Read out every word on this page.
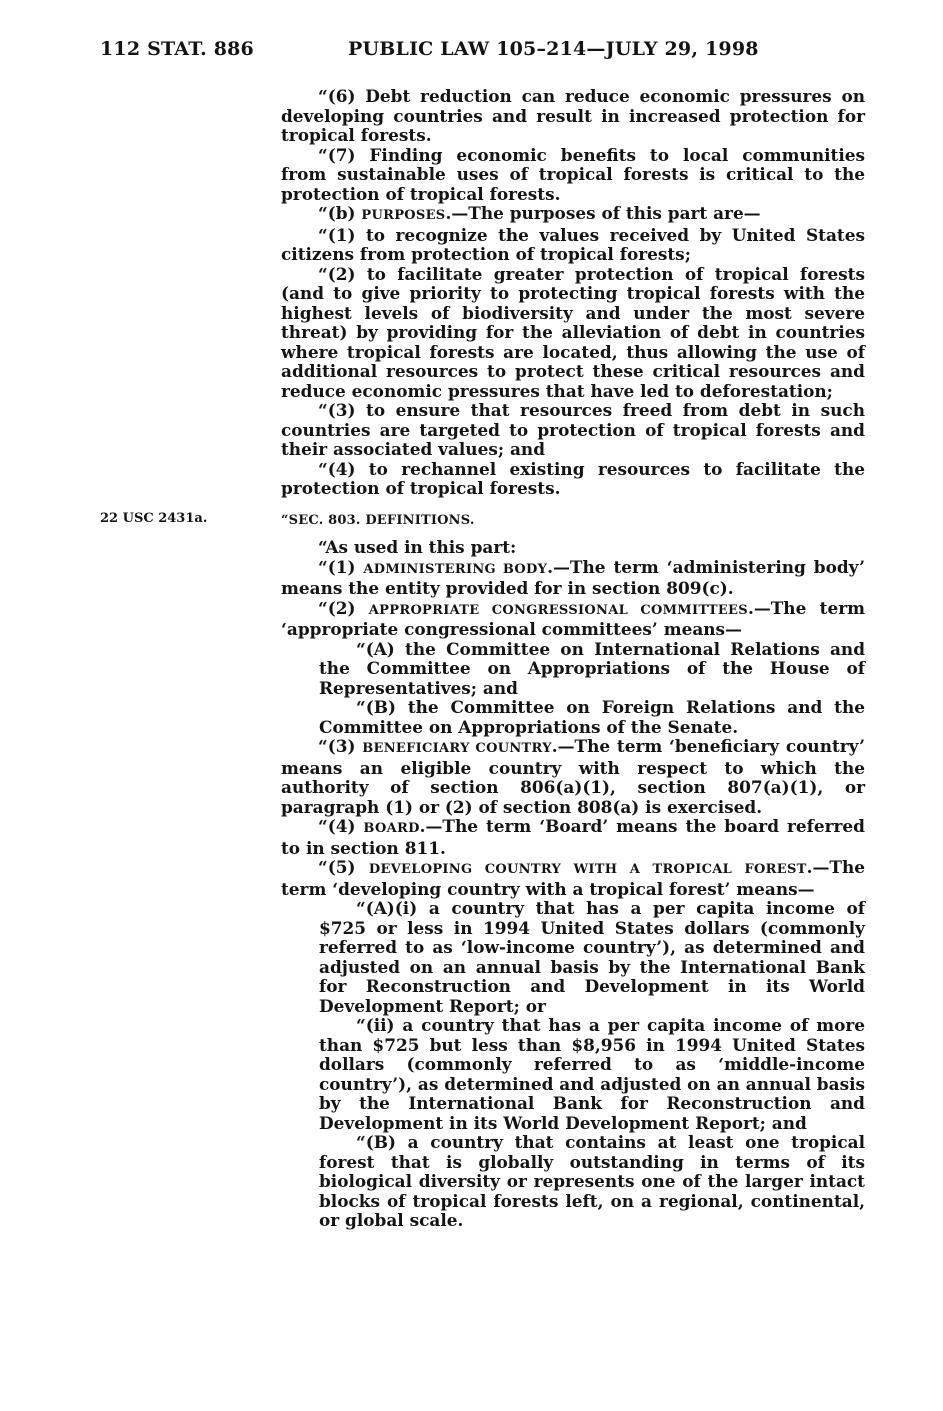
112 STAT. 886	PUBLIC LAW 105–214—JULY 29, 1998
22 USC 2431a.

“(6) Debt reduction can reduce economic pressures on developing countries and result in increased protection for tropical forests.

“(7) Finding economic benefits to local communities from sustainable uses of tropical forests is critical to the protection of tropical forests.

“(b) PURPOSES.—The purposes of this part are—

“(1) to recognize the values received by United States citizens from protection of tropical forests;

“(2) to facilitate greater protection of tropical forests (and to give priority to protecting tropical forests with the highest levels of biodiversity and under the most severe threat) by providing for the alleviation of debt in countries where tropical forests are located, thus allowing the use of additional resources to protect these critical resources and reduce economic pressures that have led to deforestation;

“(3) to ensure that resources freed from debt in such countries are targeted to protection of tropical forests and their associated values; and

“(4) to rechannel existing resources to facilitate the protection of tropical forests.

“SEC. 803. DEFINITIONS.

“As used in this part:

“(1) ADMINISTERING BODY.—The term ‘administering body’ means the entity provided for in section 809(c).

“(2) APPROPRIATE CONGRESSIONAL COMMITTEES.—The term ‘appropriate congressional committees’ means—

“(A) the Committee on International Relations and the Committee on Appropriations of the House of Representatives; and

“(B) the Committee on Foreign Relations and the Committee on Appropriations of the Senate.

“(3) BENEFICIARY COUNTRY.—The term ‘beneficiary country’ means an eligible country with respect to which the authority of section 806(a)(1), section 807(a)(1), or paragraph (1) or (2) of section 808(a) is exercised.

“(4) BOARD.—The term ‘Board’ means the board referred to in section 811.

“(5) DEVELOPING COUNTRY WITH A TROPICAL FOREST.—The term ‘developing country with a tropical forest’ means—

“(A)(i) a country that has a per capita income of $725 or less in 1994 United States dollars (commonly referred to as ‘low-income country’), as determined and adjusted on an annual basis by the International Bank for Reconstruction and Development in its World Development Report; or

“(ii) a country that has a per capita income of more than $725 but less than $8,956 in 1994 United States dollars (commonly referred to as ‘middle-income country’), as determined and adjusted on an annual basis by the International Bank for Reconstruction and Development in its World Development Report; and

“(B) a country that contains at least one tropical forest that is globally outstanding in terms of its biological diversity or represents one of the larger intact blocks of tropical forests left, on a regional, continental, or global scale.
